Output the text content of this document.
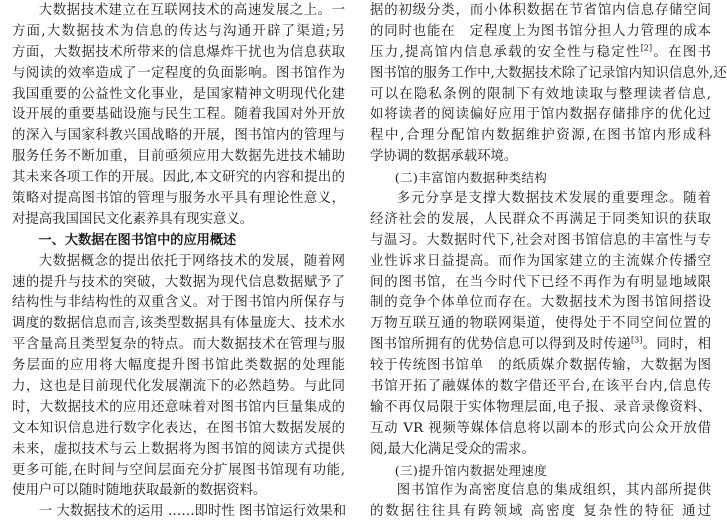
大数据技术建立在互联网技术的高速发展之上。一
方面,大数据技术为信息的传达与沟通开辟了渠道;另
方面，大数据技术所带来的信息爆炸干扰也为信息获取
与阅读的效率造成了一定程度的负面影响。图书馆作为
我国重要的公益性文化事业，是国家精神文明现代化建
设开展的重要基础设施与民生工程。随着我国对外开放
的深入与国家科教兴国战略的开展，图书馆内的管理与
服务任务不断加重，目前亟须应用大数据先进技术辅助
其未来各项工作的开展。因此,本文研究的内容和提出的
策略对提高图书馆的管理与服务水平具有理论性意义，
对提高我国国民文化素养具有现实意义。
一、大数据在图书馆中的应用概述
大数据概念的提出依托于网络技术的发展，随着网
速的提升与技术的突破，大数据为现代信息数据赋予了
结构性与非结构性的双重含义。对于图书馆内所保存与
调度的数据信息而言,该类型数据具有体量庞大、技术水
平含量高且类型复杂的特点。而大数据技术在管理与服
务层面的应用将大幅度提升图书馆此类数据的处理能
力，这也是目前现代化发展潮流下的必然趋势。与此同
时，大数据技术的应用还意味着对图书馆内巨量集成的
文本知识信息进行数字化表达，在图书馆大数据发展的
未来，虚拟技术与云上数据将为图书馆的阅读方式提供
更多可能,在时间与空间层面充分扩展图书馆现有功能,
使用户可以随时随地获取最新的数据资料。
一 大数据技术的运用 ……即时性 图书馆运行效果和
据的初级分类，而小体积数据在节省馆内信息存储空间
的同时也能在　定程度上为图书馆分担人力管理的成本
压力,提高馆内信息承载的安全性与稳定性[2]。在图书
图书馆的服务工作中,大数据技术除了记录馆内知识信息外,还
可以在隐私条例的限制下有效地读取与整理读者信息,
如将读者的阅读偏好应用于馆内数据存储排序的优化过
程中,合理分配馆内数据维护资源,在图书馆内形成科
学协调的数据承载环境。
(二)丰富馆内数据种类结构
多元分享是支撑大数据技术发展的重要理念。随着
经济社会的发展，人民群众不再满足于同类知识的获取
与温习。大数据时代下,社会对图书馆信息的丰富性与专
业性诉求日益提高。而作为国家建立的主流媒介传播空
间的图书馆，在当今时代下已经不再作为有明显地域限
制的竞争个体单位而存在。大数据技术为图书馆间搭设
万物互联互通的物联网渠道，使得处于不同空间位置的
图书馆所拥有的优势信息可以得到及时传递[3]。同时，相
较于传统图书馆单　的纸质媒介数据传输，大数据为图
书馆开拓了融媒体的数字借还平台,在该平台内,信息传
输不再仅局限于实体物理层面,电子报、录音录像资料、
互动 VR 视频等媒体信息将以副本的形式向公众开放借
阅,最大化满足受众的需求。
(三)提升馆内数据处理速度
图书馆作为高密度信息的集成组织，其内部所提供
的数据往往具有跨领域 高密度 复杂性的特征 通过
